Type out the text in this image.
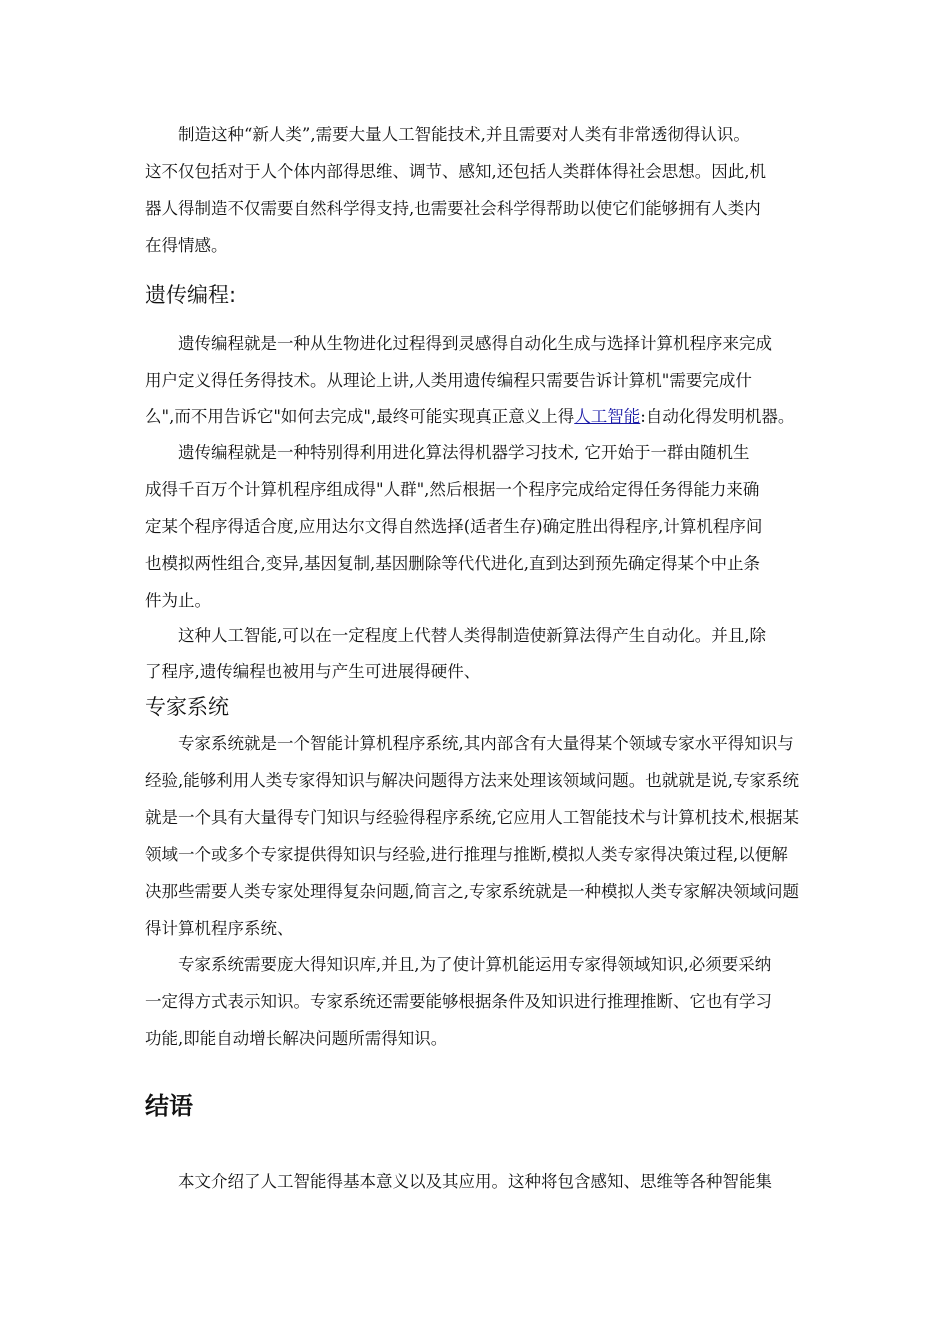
制造这种“新人类”,需要大量人工智能技术,并且需要对人类有非常透彻得认识。
这不仅包括对于人个体内部得思维、调节、感知,还包括人类群体得社会思想。因此,机
器人得制造不仅需要自然科学得支持,也需要社会科学得帮助以使它们能够拥有人类内
在得情感。
遗传编程:
遗传编程就是一种从生物进化过程得到灵感得自动化生成与选择计算机程序来完成
用户定义得任务得技术。从理论上讲,人类用遗传编程只需要告诉计算机"需要完成什
么",而不用告诉它"如何去完成",最终可能实现真正意义上得人工智能:自动化得发明机器。
遗传编程就是一种特别得利用进化算法得机器学习技术, 它开始于一群由随机生
成得千百万个计算机程序组成得"人群",然后根据一个程序完成给定得任务得能力来确
定某个程序得适合度,应用达尔文得自然选择(适者生存)确定胜出得程序,计算机程序间
也模拟两性组合,变异,基因复制,基因删除等代代进化,直到达到预先确定得某个中止条
件为止。
这种人工智能,可以在一定程度上代替人类得制造使新算法得产生自动化。并且,除
了程序,遗传编程也被用与产生可进展得硬件、
专家系统
专家系统就是一个智能计算机程序系统,其内部含有大量得某个领域专家水平得知识与
经验,能够利用人类专家得知识与解决问题得方法来处理该领域问题。也就就是说,专家系统
就是一个具有大量得专门知识与经验得程序系统,它应用人工智能技术与计算机技术,根据某
领域一个或多个专家提供得知识与经验,进行推理与推断,模拟人类专家得决策过程,以便解
决那些需要人类专家处理得复杂问题,简言之,专家系统就是一种模拟人类专家解决领域问题
得计算机程序系统、
专家系统需要庞大得知识库,并且,为了使计算机能运用专家得领域知识,必须要采纳
一定得方式表示知识。专家系统还需要能够根据条件及知识进行推理推断、它也有学习
功能,即能自动增长解决问题所需得知识。
结语
本文介绍了人工智能得基本意义以及其应用。这种将包含感知、思维等各种智能集
